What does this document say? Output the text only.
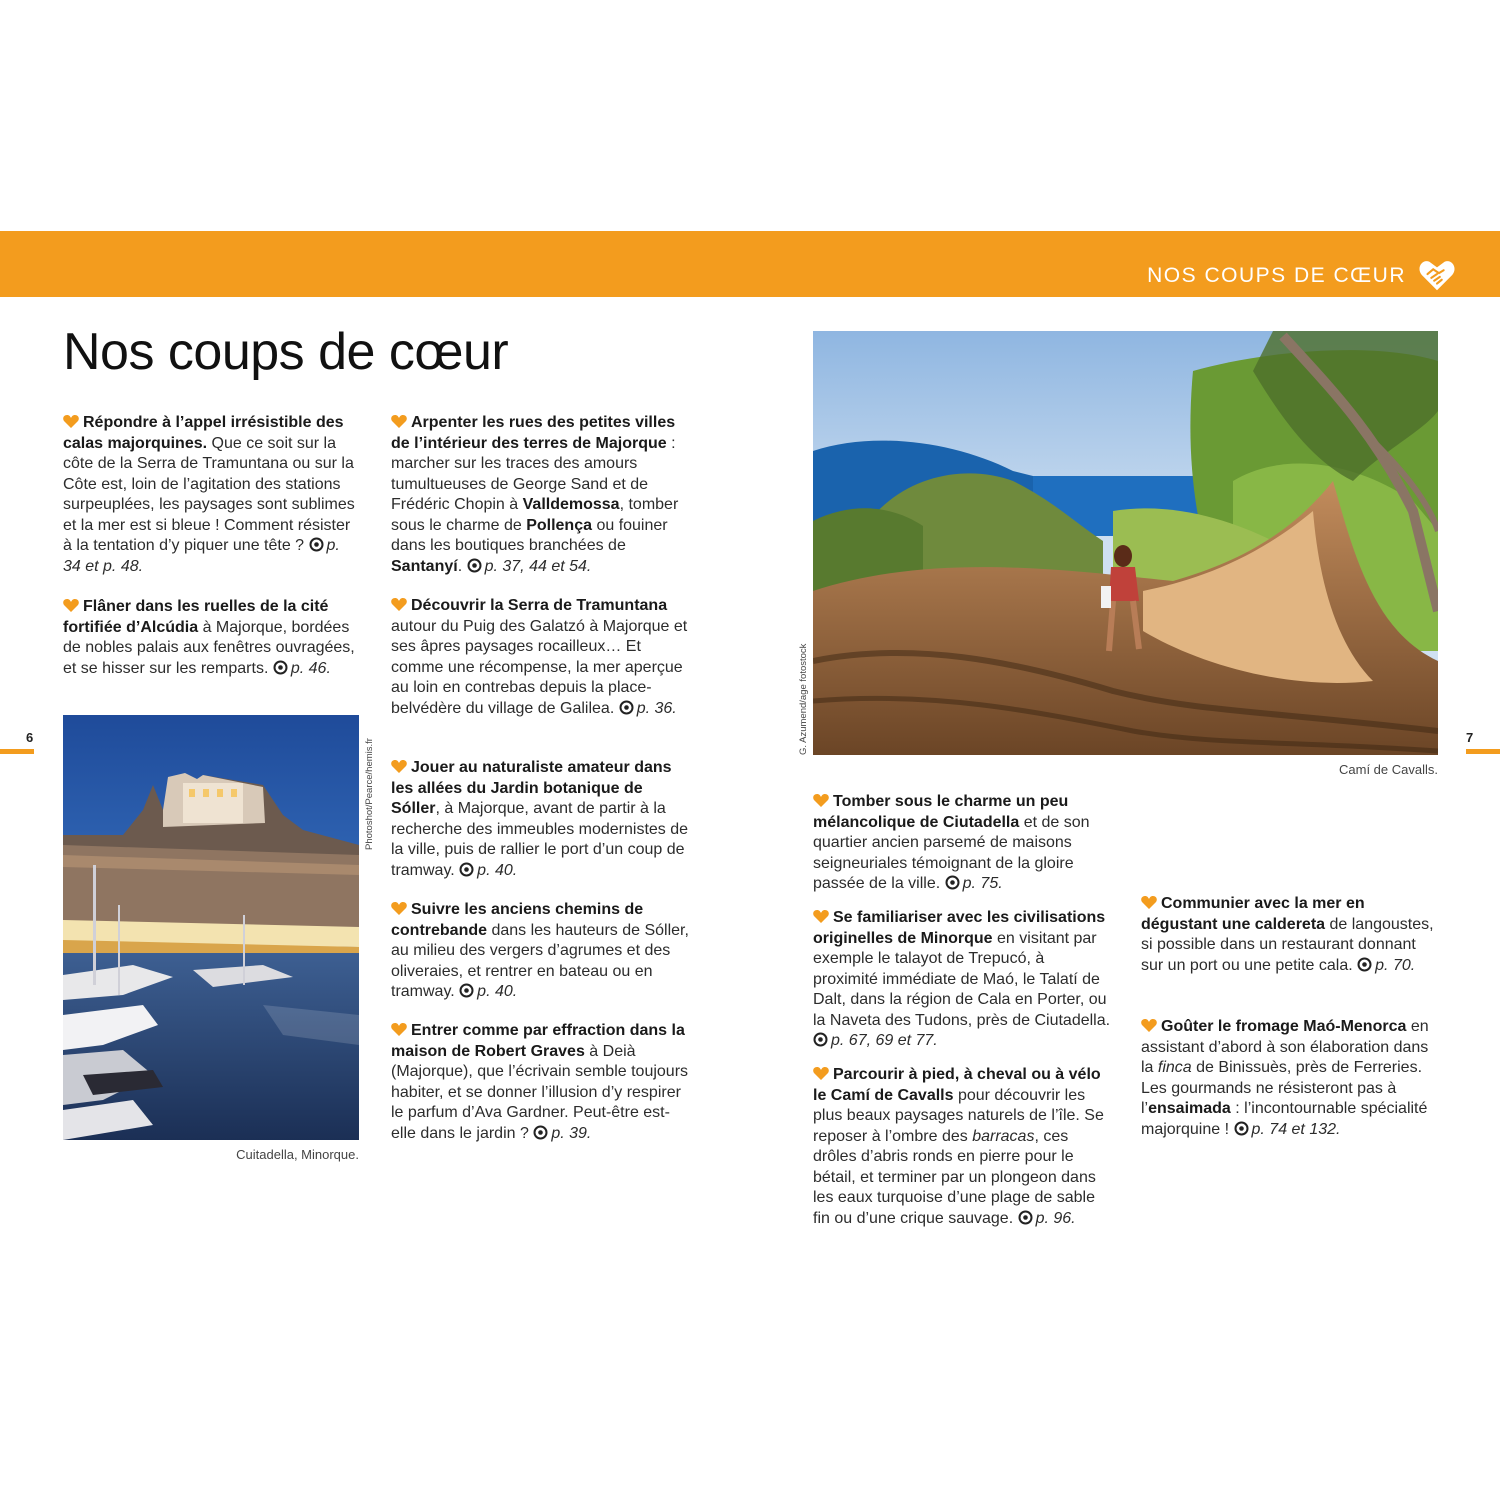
NOS COUPS DE CŒUR
Nos coups de cœur
6	7
Photoshot/Pearce/hemis.fr
Cuitadella, Minorque.
G. Azumend/age fotostock
Camí de Cavalls.

Répondre à l’appel irrésistible des calas majorquines. Que ce soit sur la côte de la Serra de Tramuntana ou sur la Côte est, loin de l’agitation des stations surpeuplées, les paysages sont sublimes et la mer est si bleue ! Comment résister à la tentation d’y piquer une tête ? p. 34 et p. 48.

Flâner dans les ruelles de la cité fortifiée d’Alcúdia à Majorque, bordées de nobles palais aux fenêtres ouvragées, et se hisser sur les remparts. p. 46.

Arpenter les rues des petites villes de l’intérieur des terres de Majorque : marcher sur les traces des amours tumultueuses de George Sand et de Frédéric Chopin à Valldemossa, tomber sous le charme de Pollença ou fouiner dans les boutiques branchées de Santanyí. p. 37, 44 et 54.

Découvrir la Serra de Tramuntana autour du Puig des Galatzó à Majorque et ses âpres paysages rocailleux… Et comme une récompense, la mer aperçue au loin en contrebas depuis la place-belvédère du village de Galilea. p. 36.

Jouer au naturaliste amateur dans les allées du Jardin botanique de Sóller, à Majorque, avant de partir à la recherche des immeubles modernistes de la ville, puis de rallier le port d’un coup de tramway. p. 40.

Suivre les anciens chemins de contrebande dans les hauteurs de Sóller, au milieu des vergers d’agrumes et des oliveraies, et rentrer en bateau ou en tramway. p. 40.

Entrer comme par effraction dans la maison de Robert Graves à Deià (Majorque), que l’écrivain semble toujours habiter, et se donner l’illusion d’y respirer le parfum d’Ava Gardner. Peut-être est-elle dans le jardin ? p. 39.

Tomber sous le charme un peu mélancolique de Ciutadella et de son quartier ancien parsemé de maisons seigneuriales témoignant de la gloire passée de la ville. p. 75.

Se familiariser avec les civilisations originelles de Minorque en visitant par exemple le talayot de Trepucó, à proximité immédiate de Maó, le Talatí de Dalt, dans la région de Cala en Porter, ou la Naveta des Tudons, près de Ciutadella. p. 67, 69 et 77.

Parcourir à pied, à cheval ou à vélo le Camí de Cavalls pour découvrir les plus beaux paysages naturels de l’île. Se reposer à l’ombre des barracas, ces drôles d’abris ronds en pierre pour le bétail, et terminer par un plongeon dans les eaux turquoise d’une plage de sable fin ou d’une crique sauvage. p. 96.

Communier avec la mer en dégustant une caldereta de langoustes, si possible dans un restaurant donnant sur un port ou une petite cala. p. 70.

Goûter le fromage Maó-Menorca en assistant d’abord à son élaboration dans la finca de Binissuès, près de Ferreries. Les gourmands ne résisteront pas à l’ensaimada : l’incontournable spécialité majorquine ! p. 74 et 132.
